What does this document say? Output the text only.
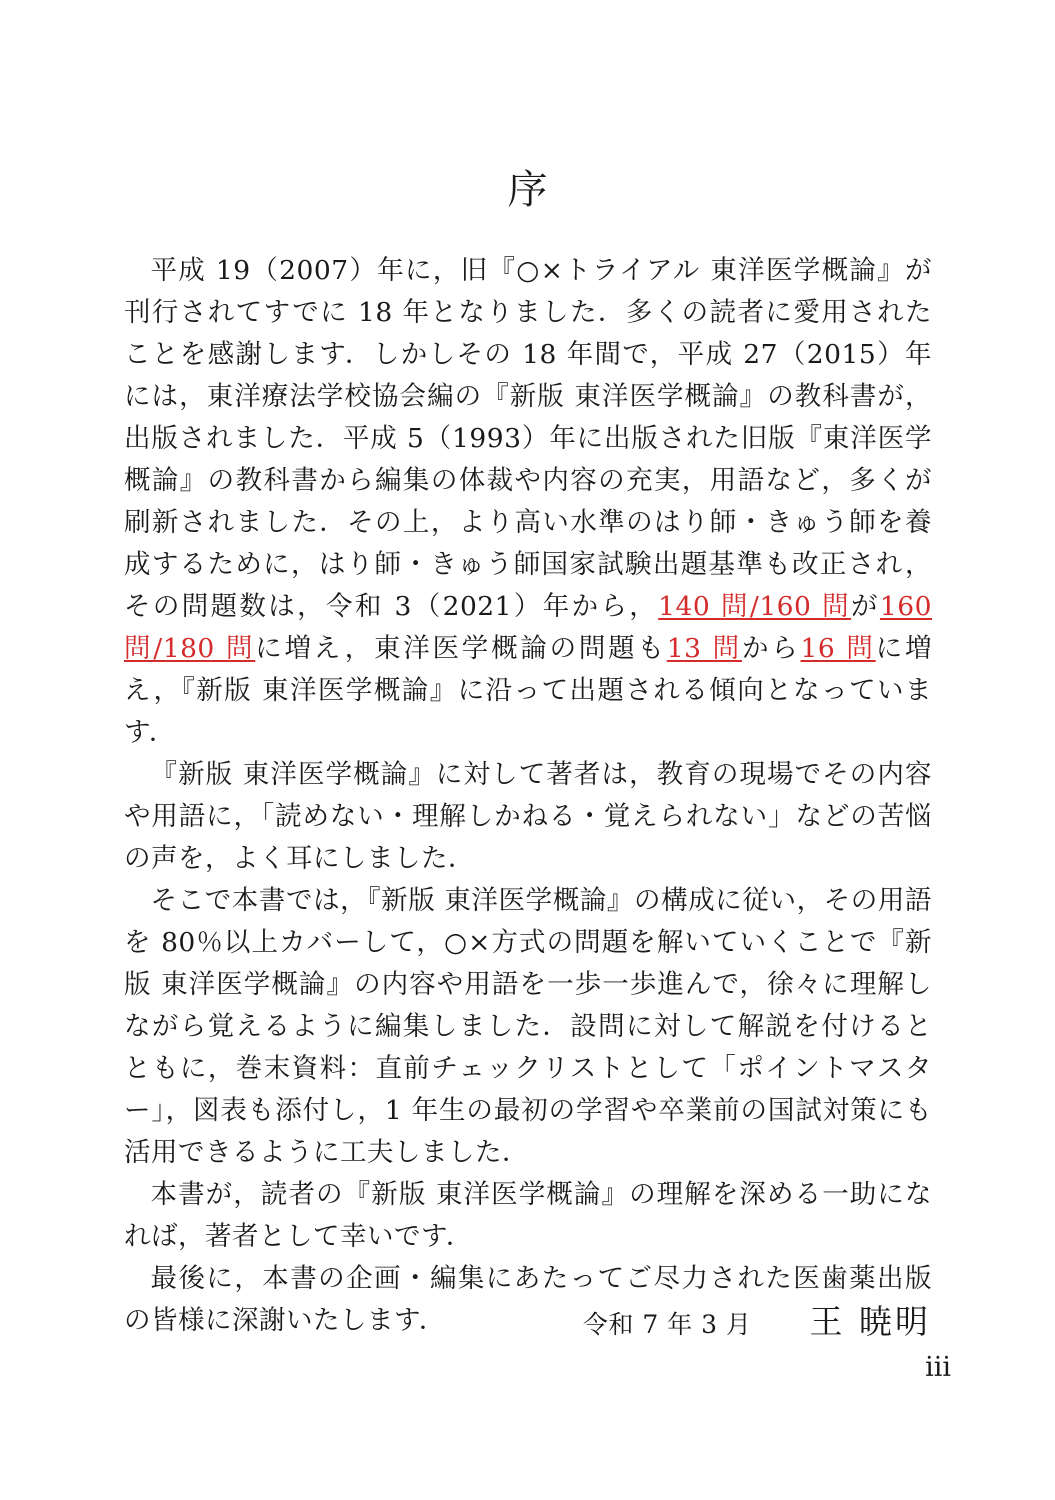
序

平成 19（2007）年に，旧『○×トライアル 東洋医学概論』が刊行されてすでに 18 年となりました．多くの読者に愛用されたことを感謝します．しかしその 18 年間で，平成 27（2015）年には，東洋療法学校協会編の『新版 東洋医学概論』の教科書が，出版されました．平成 5（1993）年に出版された旧版『東洋医学概論』の教科書から編集の体裁や内容の充実，用語など，多くが刷新されました．その上，より高い水準のはり師・きゅう師を養成するために，はり師・きゅう師国家試験出題基準も改正され，その問題数は，令和 3（2021）年から，140 問/160 問が160 問/180 問に増え，東洋医学概論の問題も13 問から16 問に増え，『新版 東洋医学概論』に沿って出題される傾向となっています．

『新版 東洋医学概論』に対して著者は，教育の現場でその内容や用語に，「読めない・理解しかねる・覚えられない」などの苦悩の声を，よく耳にしました．

そこで本書では，『新版 東洋医学概論』の構成に従い，その用語を 80％以上カバーして，○×方式の問題を解いていくことで『新版 東洋医学概論』の内容や用語を一歩一歩進んで，徐々に理解しながら覚えるように編集しました．設問に対して解説を付けるとともに，巻末資料：直前チェックリストとして「ポイントマスター」，図表も添付し，1 年生の最初の学習や卒業前の国試対策にも活用できるように工夫しました．

本書が，読者の『新版 東洋医学概論』の理解を深める一助になれば，著者として幸いです．

最後に，本書の企画・編集にあたってご尽力された医歯薬出版の皆様に深謝いたします．	令和 7 年 3 月 王 暁明
iii
